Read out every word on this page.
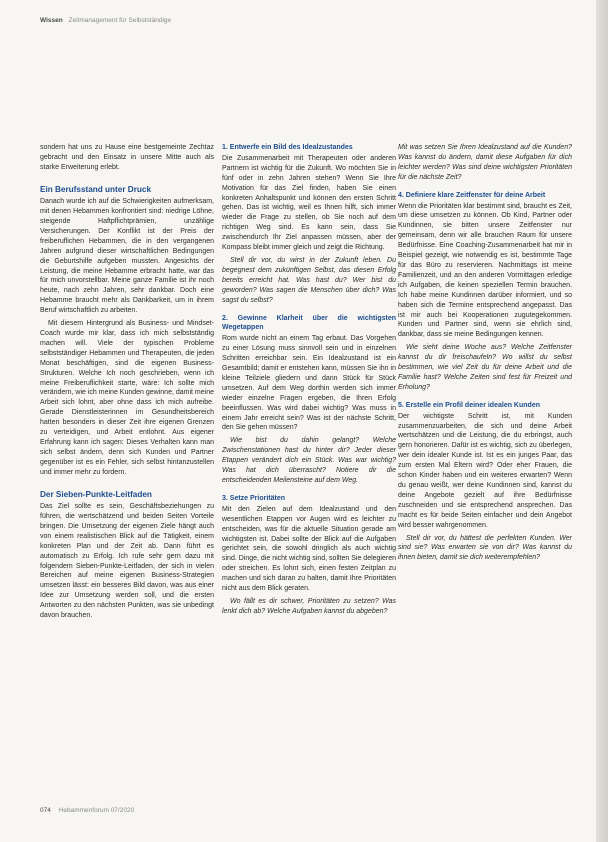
Wissen Zeitmanagement für Selbstständige

sondern hat uns zu Hause eine bestgemeinte Zechtaz gebracht und den Einsatz in unsere Mitte auch als starke Erweiterung erlebt.

Ein Berufsstand unter Druck

Danach wurde ich auf die Schwierigkeiten aufmerksam, mit denen Hebammen konfrontiert sind: niedrige Löhne, steigende Haftpflichtprämien, unzählige Versicherungen. Der Konflikt ist der Preis der freiberuflichen Hebammen, die in den vergangenen Jahren aufgrund dieser wirtschaftlichen Bedingungen die Geburtshilfe aufgeben mussten. Angesichts der Leistung, die meine Hebamme erbracht hatte, war das für mich unvorstellbar. Meine ganze Familie ist ihr noch heute, nach zehn Jahren, sehr dankbar. Doch eine Hebamme braucht mehr als Dankbarkeit, um in ihrem Beruf wirtschaftlich zu arbeiten.

Mit diesem Hintergrund als Business- und Mindset-Coach wurde mir klar, dass ich mich selbstständig machen will. Viele der typischen Probleme selbstständiger Hebammen und Therapeuten, die jeden Monat beschäftigen, sind die eigenen Business-Strukturen. Welche Ich noch geschrieben, wenn ich meine Freiberuflichkeit starte, wäre: Ich sollte mich verändern, wie ich meine Kunden gewinne, damit meine Arbeit sich lohnt, aber ohne dass ich mich aufreibe. Gerade Dienstleisterinnen im Gesundheitsbereich hatten besonders in dieser Zeit ihre eigenen Grenzen zu verteidigen, und Arbeit entlohnt. Aus eigener Erfahrung kann ich sagen: Dieses Verhalten kann man sich selbst ändern, denn sich Kunden und Partner gegenüber ist es ein Fehler, sich selbst hintanzustellen und immer mehr zu fordern.

Der Sieben-Punkte-Leitfaden

Das Ziel sollte es sein, Geschäftsbeziehungen zu führen, die wertschätzend und beiden Seiten Vorteile bringen. Die Umsetzung der eigenen Ziele hängt auch von einem realistischen Blick auf die Tätigkeit, einem konkreten Plan und der Zeit ab. Dann führt es automatisch zu Erfolg. Ich rufe sehr gern dazu mit folgendem Sieben-Punkte-Leitfaden, der sich in vielen Bereichen auf meine eigenen Business-Strategien umsetzen lässt: ein besseres Bild davon, was aus einer Idee zur Umsetzung werden soll, und die ersten Antworten zu den nächsten Punkten, was sie unbedingt davon brauchen.

1. Entwerfe ein Bild des Idealzustandes

Die Zusammenarbeit mit Therapeuten oder anderen Partnern ist wichtig für die Zukunft. Wo möchten Sie in fünf oder in zehn Jahren stehen? Wenn Sie Ihre Motivation für das Ziel finden, haben Sie einen konkreten Anhaltspunkt und können den ersten Schritt gehen. Das ist wichtig, weil es Ihnen hilft, sich immer wieder die Frage zu stellen, ob Sie noch auf dem richtigen Weg sind. Es kann sein, dass Sie zwischendurch Ihr Ziel anpassen müssen, aber der Kompass bleibt immer gleich und zeigt die Richtung.

Stell dir vor, du wirst in der Zukunft leben. Du begegnest dem zukünftigen Selbst, das diesen Erfolg bereits erreicht hat. Was hast du? Wer bist du geworden? Was sagen die Menschen über dich? Was sagst du selbst?

2. Gewinne Klarheit über die wichtigsten Wegetappen

Rom wurde nicht an einem Tag erbaut. Das Vorgehen zu einer Lösung muss sinnvoll sein und in einzelnen Schritten erreichbar sein. Ein Idealzustand ist ein Gesamtbild; damit er entstehen kann, müssen Sie ihn in kleine Teilziele gliedern und dann Stück für Stück umsetzen. Auf dem Weg dorthin werden sich immer wieder einzelne Fragen ergeben, die Ihren Erfolg beeinflussen. Was wird dabei wichtig? Was muss in einem Jahr erreicht sein? Was ist der nächste Schritt, den Sie gehen müssen?

Wie bist du dahin gelangt? Welche Zwischenstationen hast du hinter dir? Jeder dieser Etappen verändert dich ein Stück. Was war wichtig? Was hat dich überrascht? Notiere dir die entscheidenden Meilensteine auf dem Weg.

3. Setze Prioritäten

Mit den Zielen auf dem Idealzustand und den wesentlichen Etappen vor Augen wird es leichter zu entscheiden, was für die aktuelle Situation gerade am wichtigsten ist. Dabei sollte der Blick auf die Aufgaben gerichtet sein, die sowohl dringlich als auch wichtig sind. Dinge, die nicht wichtig sind, sollten Sie delegieren oder streichen. Es lohnt sich, einen festen Zeitplan zu machen und sich daran zu halten, damit Ihre Prioritäten nicht aus dem Blick geraten.

Wo fällt es dir schwer, Prioritäten zu setzen? Was lenkt dich ab? Welche Aufgaben kannst du abgeben?

Mit was setzen Sie Ihren Idealzustand auf die Kunden? Was kannst du ändern, damit diese Aufgaben für dich leichter werden? Was sind deine wichtigsten Prioritäten für die nächste Zeit?

4. Definiere klare Zeitfenster für deine Arbeit

Wenn die Prioritäten klar bestimmt sind, braucht es Zeit, um diese umsetzen zu können. Ob Kind, Partner oder Kundinnen, sie bitten unsere Zeitfenster nur gemeinsam, denn wir alle brauchen Raum für unsere Bedürfnisse. Eine Coaching-Zusammenarbeit hat mir in Beispiel gezeigt, wie notwendig es ist, bestimmte Tage für das Büro zu reservieren. Nachmittags ist meine Familienzeit, und an den anderen Vormittagen erledige ich Aufgaben, die keinen speziellen Termin brauchen. Ich habe meine Kundinnen darüber informiert, und so haben sich die Termine entsprechend angepasst. Das ist mir auch bei Kooperationen zugutegekommen. Kunden und Partner sind, wenn sie ehrlich sind, dankbar, dass sie meine Bedingungen kennen.

Wie sieht deine Woche aus? Welche Zeitfenster kannst du dir freischaufeln? Wo willst du selbst bestimmen, wie viel Zeit du für deine Arbeit und die Familie hast? Welche Zeiten sind fest für Freizeit und Erholung?

5. Erstelle ein Profil deiner idealen Kunden

Der wichtigste Schritt ist, mit Kunden zusammenzuarbeiten, die sich und deine Arbeit wertschätzen und die Leistung, die du erbringst, auch gern honorieren. Dafür ist es wichtig, sich zu überlegen, wer dein idealer Kunde ist. Ist es ein junges Paar, das zum ersten Mal Eltern wird? Oder eher Frauen, die schon Kinder haben und ein weiteres erwarten? Wenn du genau weißt, wer deine Kundinnen sind, kannst du deine Angebote gezielt auf ihre Bedürfnisse zuschneiden und sie entsprechend ansprechen. Das macht es für beide Seiten einfacher und dein Angebot wird besser wahrgenommen.

Stell dir vor, du hättest die perfekten Kunden. Wer sind sie? Was erwarten sie von dir? Was kannst du ihnen bieten, damit sie dich weiterempfehlen?

074 Hebammenforum 07/2020
